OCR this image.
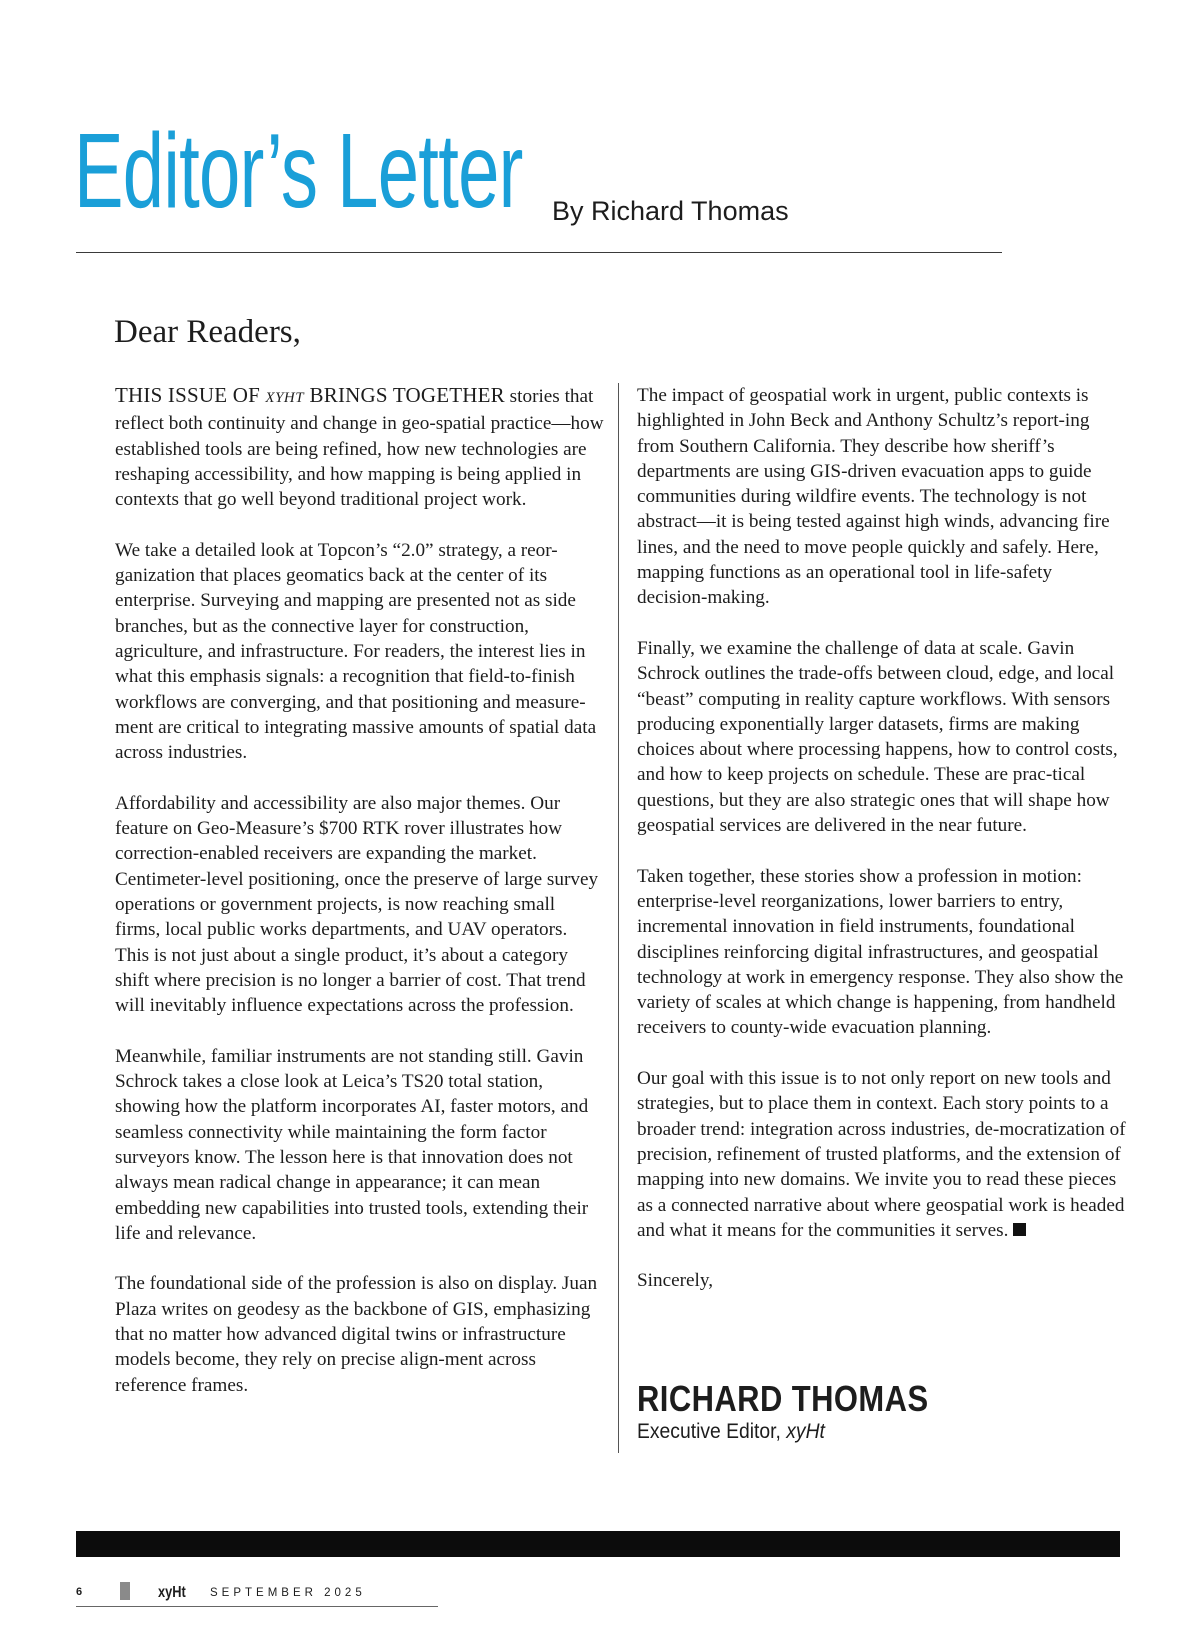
Editor’s Letter By Richard Thomas
Dear Readers,

THIS ISSUE OF XYHT BRINGS TOGETHER stories that reflect both continuity and change in geo-spatial practice—how established tools are being refined, how new technologies are reshaping accessibility, and how mapping is being applied in contexts that go well beyond traditional project work.

We take a detailed look at Topcon’s “2.0” strategy, a reor-ganization that places geomatics back at the center of its enterprise. Surveying and mapping are presented not as side branches, but as the connective layer for construction, agriculture, and infrastructure. For readers, the interest lies in what this emphasis signals: a recognition that field-to-finish workflows are converging, and that positioning and measure-ment are critical to integrating massive amounts of spatial data across industries.

Affordability and accessibility are also major themes. Our feature on Geo-Measure’s $700 RTK rover illustrates how correction-enabled receivers are expanding the market. Centimeter-level positioning, once the preserve of large survey operations or government projects, is now reaching small firms, local public works departments, and UAV operators. This is not just about a single product, it’s about a category shift where precision is no longer a barrier of cost. That trend will inevitably influence expectations across the profession.

Meanwhile, familiar instruments are not standing still. Gavin Schrock takes a close look at Leica’s TS20 total station, showing how the platform incorporates AI, faster motors, and seamless connectivity while maintaining the form factor surveyors know. The lesson here is that innovation does not always mean radical change in appearance; it can mean embedding new capabilities into trusted tools, extending their life and relevance.

The foundational side of the profession is also on display. Juan Plaza writes on geodesy as the backbone of GIS, emphasizing that no matter how advanced digital twins or infrastructure models become, they rely on precise align-ment across reference frames.

The impact of geospatial work in urgent, public contexts is highlighted in John Beck and Anthony Schultz’s report-ing from Southern California. They describe how sheriff’s departments are using GIS-driven evacuation apps to guide communities during wildfire events. The technology is not abstract—it is being tested against high winds, advancing fire lines, and the need to move people quickly and safely. Here, mapping functions as an operational tool in life-safety decision-making.

Finally, we examine the challenge of data at scale. Gavin Schrock outlines the trade-offs between cloud, edge, and local “beast” computing in reality capture workflows. With sensors producing exponentially larger datasets, firms are making choices about where processing happens, how to control costs, and how to keep projects on schedule. These are prac-tical questions, but they are also strategic ones that will shape how geospatial services are delivered in the near future.

Taken together, these stories show a profession in motion: enterprise-level reorganizations, lower barriers to entry, incremental innovation in field instruments, foundational disciplines reinforcing digital infrastructures, and geospatial technology at work in emergency response. They also show the variety of scales at which change is happening, from handheld receivers to county-wide evacuation planning.

Our goal with this issue is to not only report on new tools and strategies, but to place them in context. Each story points to a broader trend: integration across industries, de-mocratization of precision, refinement of trusted platforms, and the extension of mapping into new domains. We invite you to read these pieces as a connected narrative about where geospatial work is headed and what it means for the communities it serves.

Sincerely,

RICHARD THOMAS
Executive Editor, xyHt
6	xyHt SEPTEMBER 2025
